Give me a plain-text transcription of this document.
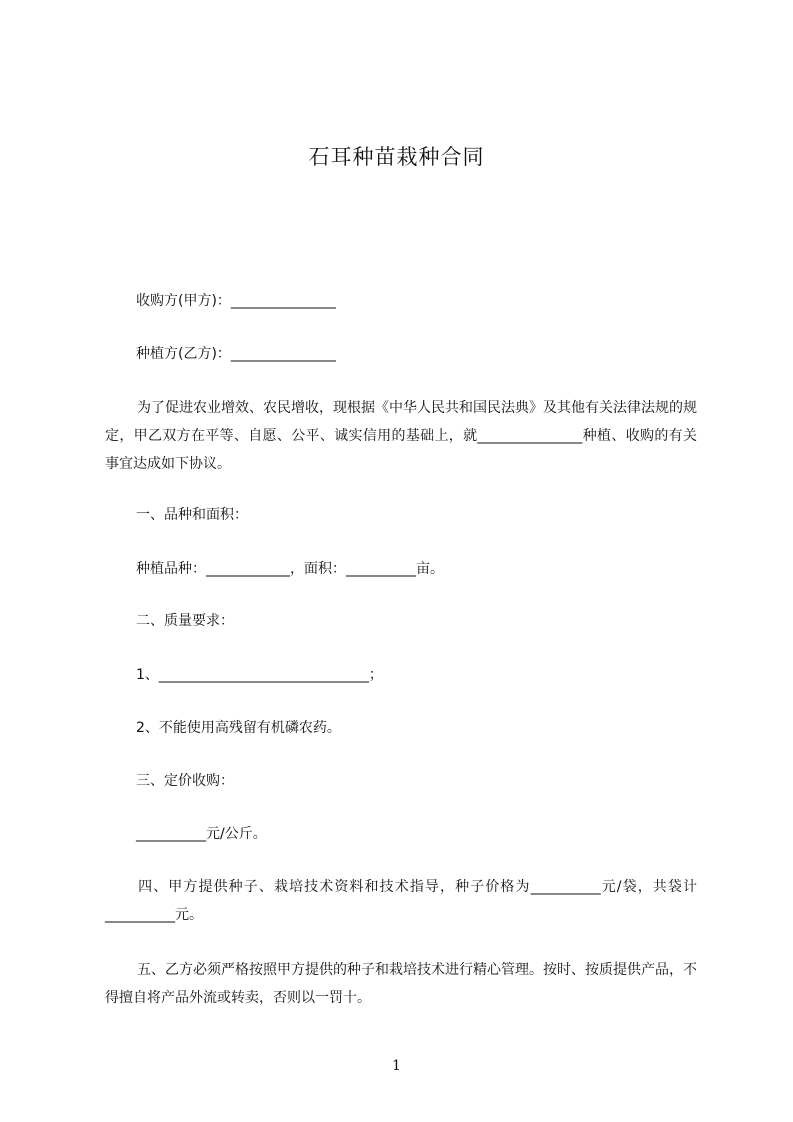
石耳种苗栽种合同

收购方(甲方)：_______________

种植方(乙方)：_______________

为了促进农业增效、农民增收，现根据《中华人民共和国民法典》及其他有关法律法规的规定，甲乙双方在平等、自愿、公平、诚实信用的基础上，就_______________种植、收购的有关事宜达成如下协议。

一、品种和面积：

种植品种：____________，面积：__________亩。

二、质量要求：

1、______________________________；

2、不能使用高残留有机磷农药。

三、定价收购：

__________元/公斤。

四、甲方提供种子、栽培技术资料和技术指导，种子价格为__________元/袋，共袋计__________元。

五、乙方必须严格按照甲方提供的种子和栽培技术进行精心管理。按时、按质提供产品，不得擅自将产品外流或转卖，否则以一罚十。

1
